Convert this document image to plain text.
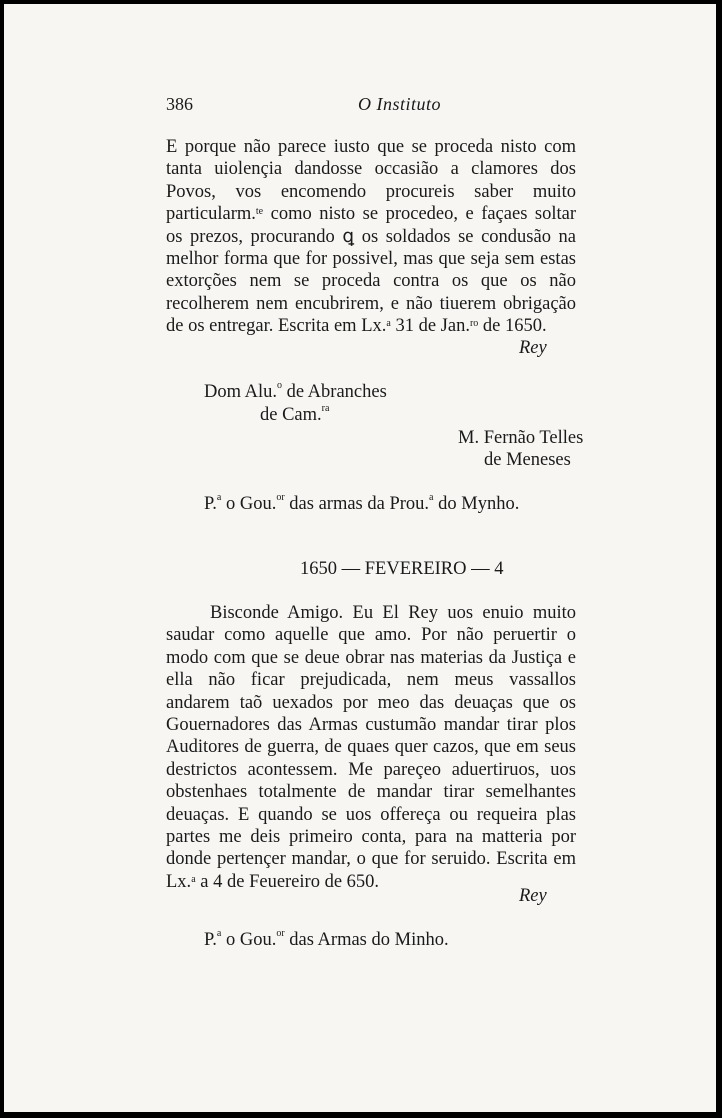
386	O Instituto

E porque não parece iusto que se proceda nisto com tanta uiolençia dandosse occasião a clamores dos Povos, vos encomendo procureis saber muito particularm.$^{te}$ como nisto se procedeo, e façaes soltar os prezos, procurando ꝗ os soldados se condusão na melhor forma que for possivel, mas que seja sem estas extorções nem se proceda contra os que os não recolherem nem encubrirem, e não tiuerem obrigação de os entregar. Escrita em Lx.$^a$ 31 de Jan.$^{ro}$ de 1650.

Rey
Dom Alu.$^o$ de Abranches
de Cam.$^{ra}$
M. Fernão Telles
de Meneses
P.$^a$ o Gou.$^{or}$ das armas da Prou.$^a$ do Mynho.
1650 — FEVEREIRO — 4

Bisconde Amigo. Eu El Rey uos enuio muito saudar como aquelle que amo. Por não peruertir o modo com que se deue obrar nas materias da Justiça e ella não ficar prejudicada, nem meus vassallos andarem taõ uexados por meo das deuaças que os Gouernadores das Armas custumão mandar tirar plos Auditores de guerra, de quaes quer cazos, que em seus destrictos acontessem. Me pareçeo aduertiruos, uos obstenhaes totalmente de mandar tirar semelhantes deuaças. E quando se uos offereça ou requeira plas partes me deis primeiro conta, para na matteria por donde pertençer mandar, o que for seruido. Escrita em Lx.$^a$ a 4 de Feuereiro de 650.

Rey
P.$^a$ o Gou.$^{or}$ das Armas do Minho.
